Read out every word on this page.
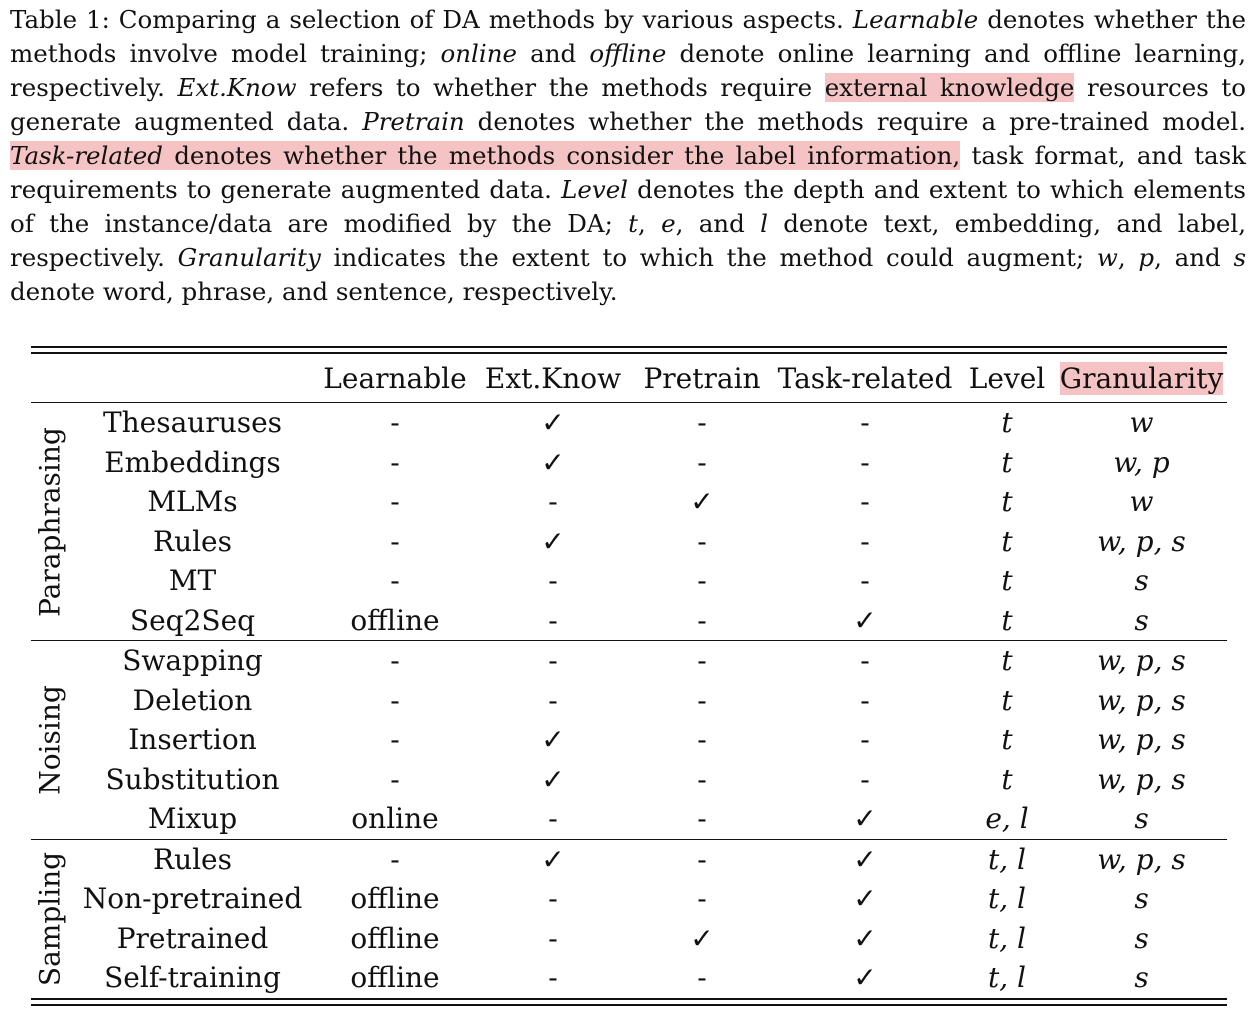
Table 1: Comparing a selection of DA methods by various aspects. Learnable denotes whether the methods involve model training; online and offline denote online learning and offline learning, respectively. Ext.Know refers to whether the methods require external knowledge resources to generate augmented data. Pretrain denotes whether the methods require a pre-trained model. Task-related denotes whether the methods consider the label information, task format, and task requirements to generate augmented data. Level denotes the depth and extent to which elements of the instance/data are modified by the DA; t, e, and l denote text, embedding, and label, respectively. Granularity indicates the extent to which the method could augment; w, p, and s denote word, phrase, and sentence, respectively.

		Learnable	Ext.Know	Pretrain	Task-related	Level	Granularity

Paraphrasing	Thesauruses	-	✓	-	-	t	w
	Embeddings	-	✓	-	-	t	w, p
	MLMs	-	-	✓	-	t	w
	Rules	-	✓	-	-	t	w, p, s
	MT	-	-	-	-	t	s
	Seq2Seq	offline	-	-	✓	t	s

Noising	Swapping	-	-	-	-	t	w, p, s
	Deletion	-	-	-	-	t	w, p, s
	Insertion	-	✓	-	-	t	w, p, s
	Substitution	-	✓	-	-	t	w, p, s
	Mixup	online	-	-	✓	e, l	s

Sampling	Rules	-	✓	-	✓	t, l	w, p, s
	Non-pretrained	offline	-	-	✓	t, l	s
	Pretrained	offline	-	✓	✓	t, l	s
	Self-training	offline	-	-	✓	t, l	s
